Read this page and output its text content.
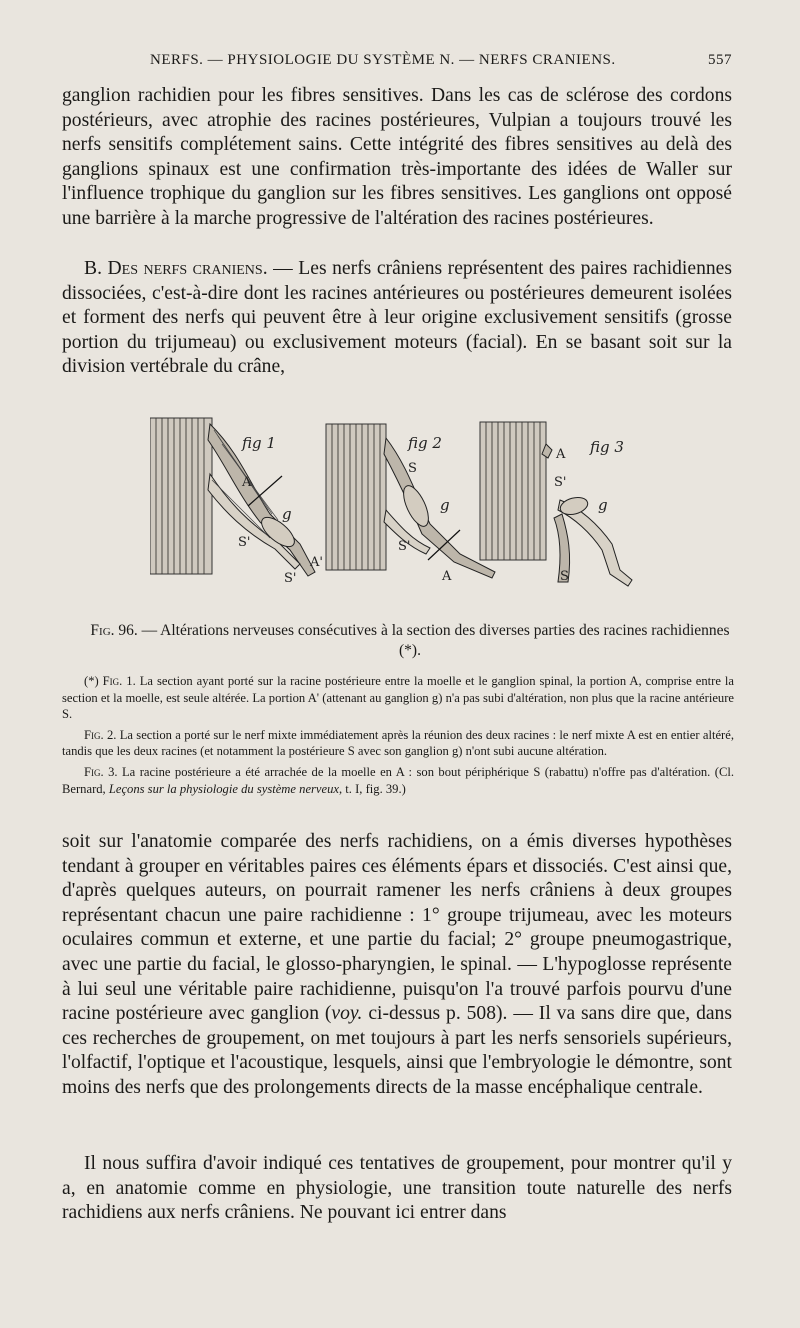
NERFS. — PHYSIOLOGIE DU SYSTÈME N. — NERFS CRANIENS.	557

ganglion rachidien pour les fibres sensitives. Dans les cas de sclérose des cordons postérieurs, avec atrophie des racines postérieures, Vulpian a toujours trouvé les nerfs sensitifs complétement sains. Cette intégrité des fibres sensitives au delà des ganglions spinaux est une confirmation très-importante des idées de Waller sur l'influence trophique du ganglion sur les fibres sensitives. Les ganglions ont opposé une barrière à la marche progressive de l'altération des racines postérieures.

B. Des nerfs craniens. — Les nerfs crâniens représentent des paires rachidiennes dissociées, c'est-à-dire dont les racines antérieures ou postérieures demeurent isolées et forment des nerfs qui peuvent être à leur origine exclusivement sensitifs (grosse portion du trijumeau) ou exclusivement moteurs (facial). En se basant soit sur la division vertébrale du crâne,

fig 1
A
g
S'
A'
S'
fig 2
S
g
S'
A
fig 3
A
S'
g
S
Fig. 96. — Altérations nerveuses consécutives à la section des diverses parties des racines rachidiennes (*).

(*) Fig. 1. La section ayant porté sur la racine postérieure entre la moelle et le ganglion spinal, la portion A, comprise entre la section et la moelle, est seule altérée. La portion A' (attenant au ganglion g) n'a pas subi d'altération, non plus que la racine antérieure S.

Fig. 2. La section a porté sur le nerf mixte immédiatement après la réunion des deux racines : le nerf mixte A est en entier altéré, tandis que les deux racines (et notamment la postérieure S avec son ganglion g) n'ont subi aucune altération.

Fig. 3. La racine postérieure a été arrachée de la moelle en A : son bout périphérique S (rabattu) n'offre pas d'altération. (Cl. Bernard, Leçons sur la physiologie du système nerveux, t. I, fig. 39.)

soit sur l'anatomie comparée des nerfs rachidiens, on a émis diverses hypothèses tendant à grouper en véritables paires ces éléments épars et dissociés. C'est ainsi que, d'après quelques auteurs, on pourrait ramener les nerfs crâniens à deux groupes représentant chacun une paire rachidienne : 1° groupe trijumeau, avec les moteurs oculaires commun et externe, et une partie du facial; 2° groupe pneumogastrique, avec une partie du facial, le glosso-pharyngien, le spinal. — L'hypoglosse représente à lui seul une véritable paire rachidienne, puisqu'on l'a trouvé parfois pourvu d'une racine postérieure avec ganglion (voy. ci-dessus p. 508). — Il va sans dire que, dans ces recherches de groupement, on met toujours à part les nerfs sensoriels supérieurs, l'olfactif, l'optique et l'acoustique, lesquels, ainsi que l'embryologie le démontre, sont moins des nerfs que des prolongements directs de la masse encéphalique centrale.

Il nous suffira d'avoir indiqué ces tentatives de groupement, pour montrer qu'il y a, en anatomie comme en physiologie, une transition toute naturelle des nerfs rachidiens aux nerfs crâniens. Ne pouvant ici entrer dans
